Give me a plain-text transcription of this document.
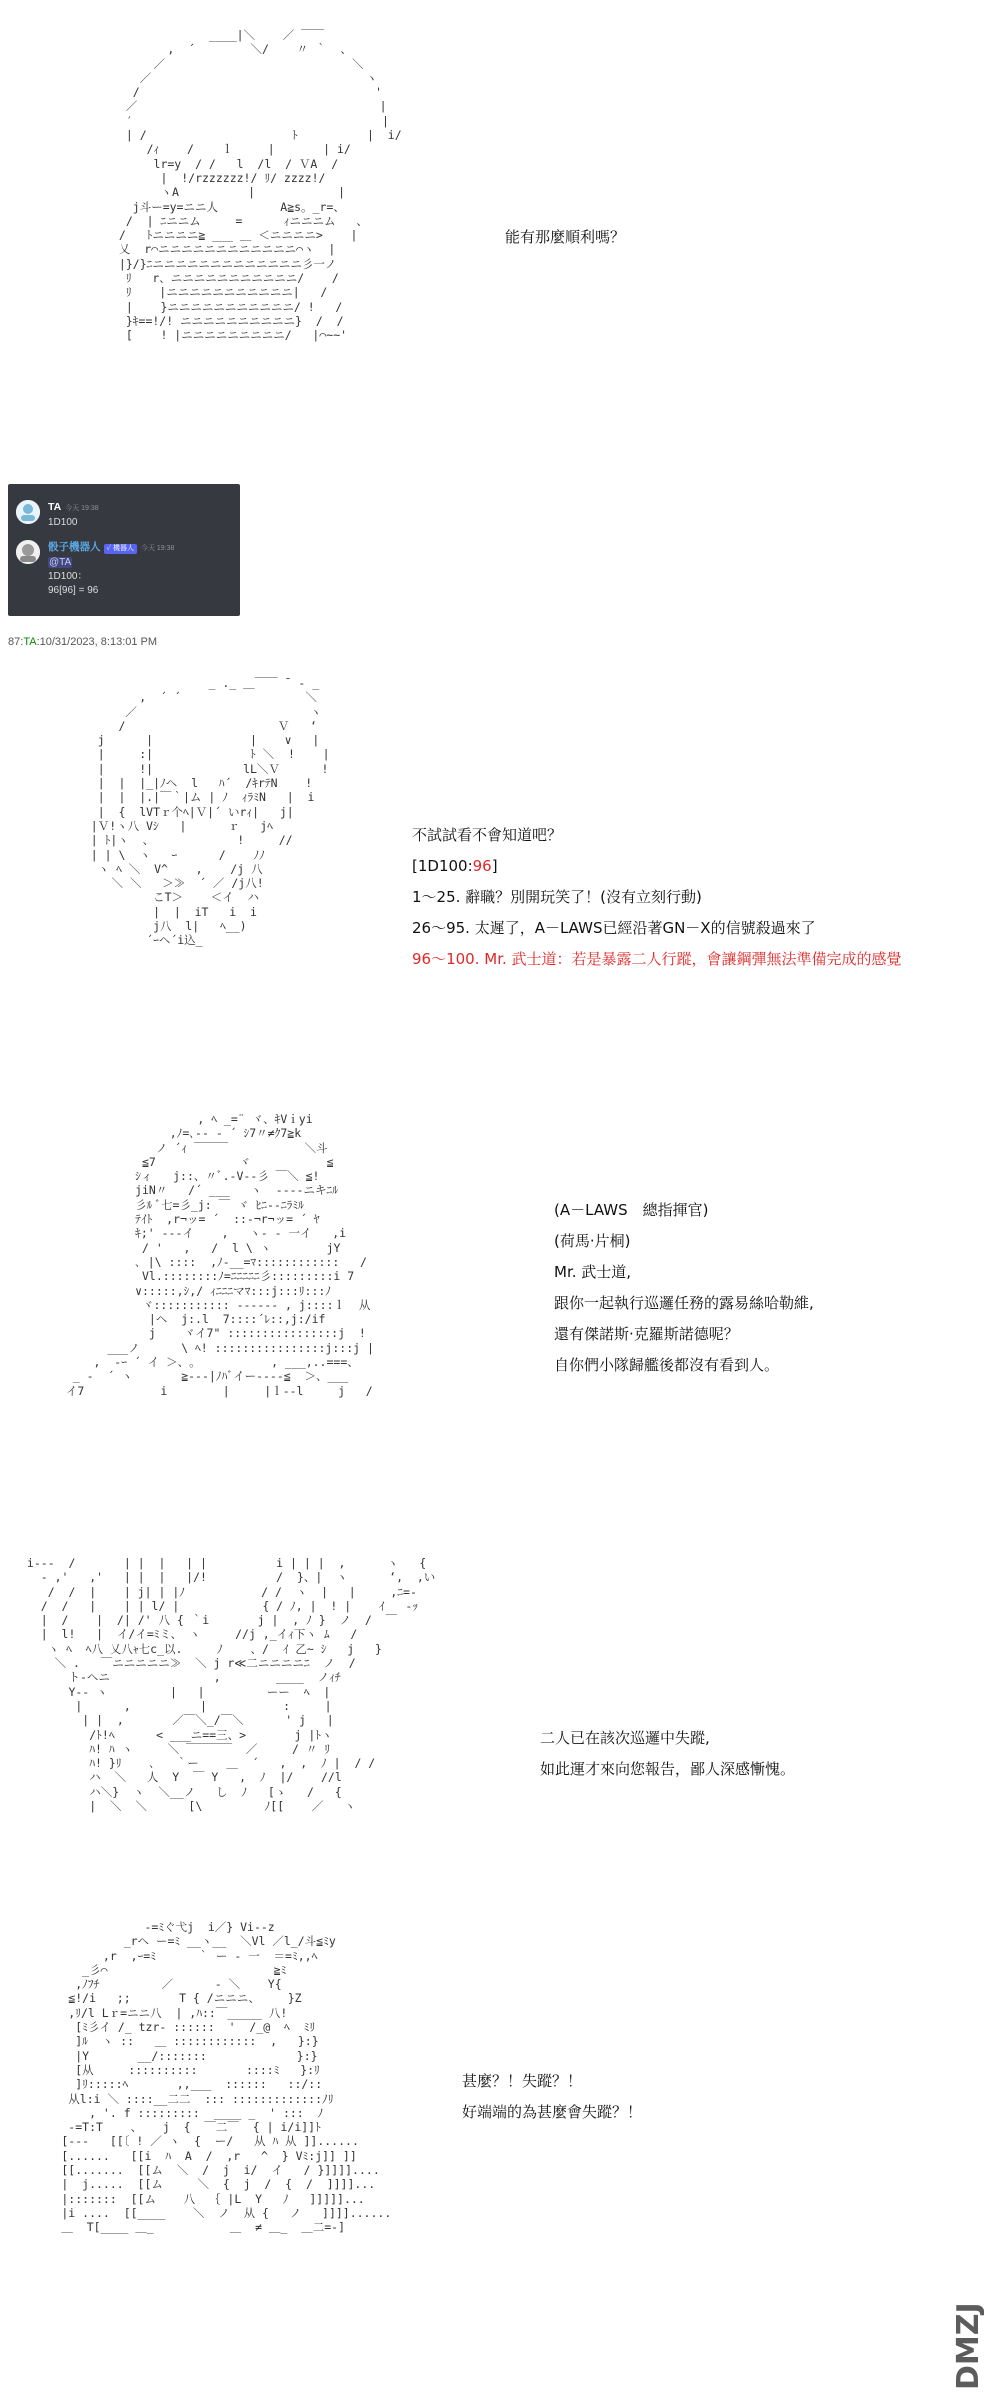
____|＼    ／ ￣￣
,  ´        ＼/    〃 ｀  、
／                           ＼
／                               ヽ
/                                  '
／                                   |
′                                    |
| /                     ﾄ          |  i/
/ｨ    /    ｌ     |       | i/
lr=y  / /   l  /l  / ＶA  /
|  !/rzzzzzz!/ ﾘ/ zzzz!/
ヽA          |            |
j斗ー=y=ニニ人         A≧s。_r=、
/  | ﾆニニム     =      ｨニニニム   、
/   ﾄニニニニ≧ ___ ＿ ＜ニニニニ>    |
乂  r⌒ニニニニニニニニニニニニ⌒ヽ  |
|}/}ﾆニニニニニニニニニニニニニ彡一ノ
ﾘ   r、ニニニニニニニニニニニ/    /
ﾘ    |ニニニニニニニニニニニ|   /
|    }ニニニニニニニニニニニ/ !   /
}ｷ==!/! ニニニニニニニニニニ}  /  /
[    ! |ニニニニニニニニニ/   |⌒~~'

能有那麼順利嗎？
TA 今天 19:38
1D100
骰子機器人 ✓ 機器人 今天 19:38
@TA
1D100：
96[96] = 96
87:TA:10/31/2023, 8:13:01 PM
_ ._ ＿￣￣ ¯ ‐ _
,  ´ ´                  ＼
／                         ヽ
/                      Ｖ   ‘
j      |              |    ∨   |
|     :|              ﾄ ＼  !    |
|     !|             lL＼Ｖ      !
|  |  |_|ﾉヘ  l   ﾊ´  /ｷrﾃN    !
|  |  |.|￣｀|ム | ﾉ  ｨﾗﾐN   |  i
|  {  lVTｒ个ﾍ|Ｖ|´ いrｨ|   j|
|Ｖ!ヽ八 Vｼ   |      ｒ   jﾍ
| ﾄ|ヽ  、            !     //
| | \  ヽ   ｰ      /    ﾉﾉ
ヽ ﾍ ＼  V^    ,    /j 八
＼ ＼   ＞≫  ´ ／ /j八!
こT＞    ＜イ  ハ
|  |  iT   i  i
j八  l|   ﾍ__)
´ｰヘ´i込_

不試試看不會知道吧？
[1D100:96]
1～25. 辭職？別開玩笑了！(沒有立刻行動)
26～95. 太遲了，A－LAWS已經沿著GN－X的信號殺過來了
96～100. Mr. 武士道：若是暴露二人行蹤，會讓鋼彈無法準備完成的感覺
, ﾍ _=¨ ヾ、ｷVｉyi
,ﾉ=､‐‐ ‐ ´ ｼ7〃≠ｸ7≧k
ノ ´ｨ ￣￣￣           ＼斗
≦7            ヾ           ≦
ｼィ   j::、〃ﾞ.-V-‐彡 ￣＼ ≦!
jiN〃   /´ ___   ヽ  ----ニキﾆﾙ
彡ﾙ ﾞ七=彡_j: ￣ ヾ ﾋﾆ‐-ﾆﾗﾐﾙ
ﾃｲﾄ  ,r¬ッ= ´  ::-¬r¬ッ= ´ ﾔ
ｷ;' ‐--イ    ,   ヽ- - 一イ   ,i
/ '   ,   /  l \ ヽ        jY
､ |\ ::::  ,ﾉ‐__=ﾏ::::::::::::   /
Vl.::::::::ﾉ=ﾆﾆﾆﾆﾆ彡:::::::::i 7
∨:::::,ｼ,/ ｨﾆﾆﾆマﾏ:::j:::ﾘ:::ﾉ
ヾ::::::::::: -‐‐‐‐- , j::::ｌ  从
|ヘ  j:.l  7::::´ﾚ::,j:/if
j    ヾイ7" ::::::::::::::::j  !
___ノ      \ ﾍ! ::::::::::::::::j:::j |
,  -ｰ ´ イ ＞、｡           , ___,..===、
_ -  ´ ヽ       ≧‐‐‐|ﾉﾊﾞイー‐‐‐‐≦  ＞、___
イ7           i        |     |ｌ‐‐l     j   /

(A－LAWS　總指揮官)
(荷馬·片桐)
Mr. 武士道,
跟你一起執行巡邏任務的露易絲哈勒維,
還有傑諾斯·克羅斯諾德呢？
自你們小隊歸艦後都沒有看到人。
i--‐  /       | |  |   | |          i | | |  ,      ヽ   {
‐ ,'   ,'   | |  |   |/!          /  }、|  ヽ      ‘,  ,い
/  /  |    | j| | |ﾉ           / /  ヽ  |   |     ,ﾆ=-
/  /   |    | | l/ |            { / ﾉ, |  ! |    ｲ   -ｯ
|  /    |  /| /' 八 { ｀i       j |  , ﾉ }  ノ  /  ￣
|  l!   |  イ/イ=ﾐミ、 ヽ     //j ,_イｨ下ヽ ﾑ   /
ヽ ﾍ  ﾍ八 乂八ｬ七c_以.     ﾉ    、/  ｲ 乙~ ｼ   j   }
＼ .   ￣ニニニニニ≫  ＼ j r≪二ニニニニﾆ  ノ  /
ト-ヘニ               ,        ____  ノｨﾁ
Y-- ヽ         |   |         ーー  ﾍ  |
|      ,          |           :     |
| |  ,       ／￣＼_/￣＼      ' j   |
/ﾄ!ﾍ      < ___ニ==三、>       j |ﾄヽ
ﾊ! ﾊ ヽ     ＼ ￣￣￣￣  ／     / 〃 ﾘ
ﾊ! }ﾘ    ､   ｀ー    ＿  ´   ,  ,  ﾉ |  / /
ハ  ＼   人  Y  ￣ Y   ,  ﾉ  |/    //l
ハ＼}  ヽ  ＼__ノ   し  ﾉ   [ゝ   /   {
|  ＼  ＼      [\         ﾉ[[    ／   ヽ

二人已在該次巡邏中失蹤,
如此運才來向您報告，鄙人深感慚愧。
-=ﾐぐ弋j  i／} Vi-‐z
_rヘ ー=ﾐ __ヽ__  ＼Vl ／l_/斗≦ﾐy
,r  ,ｰ=ﾐ      ｀ ー ‐ 一  ＝=ﾐ,,ﾍ
_彡⌒                        ≧ﾐ
,ﾉﾌﾁ         ／      ‐ ＼    Y{
≦!/i   ;;       T { /ニニニ、    }Z
,ﾘ/l Lｒ=ニニ八  | ,ﾊ::￣_____ 八!
[ﾐ彡イ /_ tzr- ::::::  '  /_@  ﾍ  ﾐﾘ
]ﾙ  ヽ ::   ＿ ::::::::::::  ,   }:}
|Y       __/:::::::             }:}
[从     ::::::::::       ::::ﾐ   }:ﾘ
]ﾘ:::::ﾍ       ,,___  ::::::   ::/::
从l:i ＼ ::::__二二  ::: :::::::::::::ﾉﾘ
, '. f :::::::::  ____ _  ' :::  ﾉ
-=T:T    、   j  {  ￣二￣  { | i/i]]ﾄ
[---   [[〔 ! ／ ヽ  {  ー/   从 ﾊ 从 ]]......
[......   [[i  ﾊ  A  /  ,r   ^  } Vﾐ:j]] ]]
[[.......  [[ム  ＼  /  j  i/  イ   / }]]]]....
|  j.....  [[ム     ＼  {  j  /  {  /  ]]]]...
|:::::::  [[ム    八  ｛ |L  Y   ﾉ   ]]]]]...
|i ....  [[____    ＼  ノ  从 {   ノ   ]]]]......
＿  T[____ ＿_           ＿  ≠ ＿_  ＿二=-]

甚麼？！失蹤？！
好端端的為甚麼會失蹤？！
DMZJ
